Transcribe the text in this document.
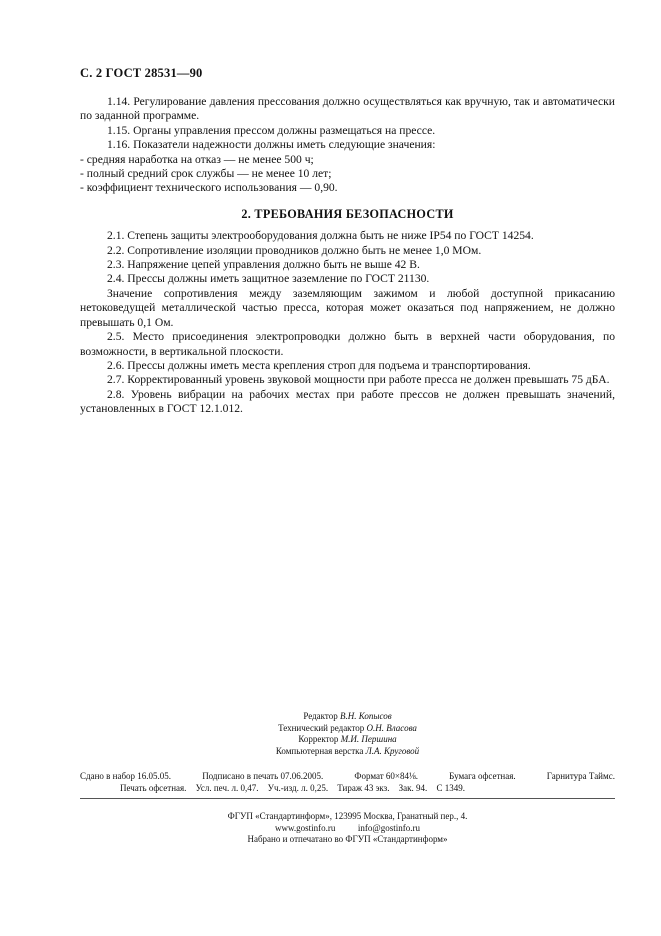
С. 2 ГОСТ 28531—90

1.14. Регулирование давления прессования должно осуществляться как вручную, так и автоматически по заданной программе.

1.15. Органы управления прессом должны размещаться на прессе.

1.16. Показатели надежности должны иметь следующие значения:

- средняя наработка на отказ — не менее 500 ч;

- полный средний срок службы — не менее 10 лет;

- коэффициент технического использования — 0,90.

2. ТРЕБОВАНИЯ БЕЗОПАСНОСТИ

2.1. Степень защиты электрооборудования должна быть не ниже IP54 по ГОСТ 14254.

2.2. Сопротивление изоляции проводников должно быть не менее 1,0 МОм.

2.3. Напряжение цепей управления должно быть не выше 42 В.

2.4. Прессы должны иметь защитное заземление по ГОСТ 21130.

Значение сопротивления между заземляющим зажимом и любой доступной прикасанию нетоковедущей металлической частью пресса, которая может оказаться под напряжением, не должно превышать 0,1 Ом.

2.5. Место присоединения электропроводки должно быть в верхней части оборудования, по возможности, в вертикальной плоскости.

2.6. Прессы должны иметь места крепления строп для подъема и транспортирования.

2.7. Корректированный уровень звуковой мощности при работе пресса не должен превышать 75 дБА.

2.8. Уровень вибрации на рабочих местах при работе прессов не должен превышать значений, установленных в ГОСТ 12.1.012.

Редактор В.Н. Копысов

Технический редактор О.Н. Власова

Корректор М.И. Першина

Компьютерная верстка Л.А. Круговой

Сдано в набор 16.05.05.	Подписано в печать 07.06.2005.	Формат 60×84⅛.	Бумага офсетная.	Гарнитура Таймс.
Печать офсетная. Усл. печ. л. 0,47. Уч.-изд. л. 0,25. Тираж 43 экз. Зак. 94. С 1349.

ФГУП «Стандартинформ», 123995 Москва, Гранатный пер., 4.

www.gostinfo.ru          info@gostinfo.ru

Набрано и отпечатано во ФГУП «Стандартинформ»
